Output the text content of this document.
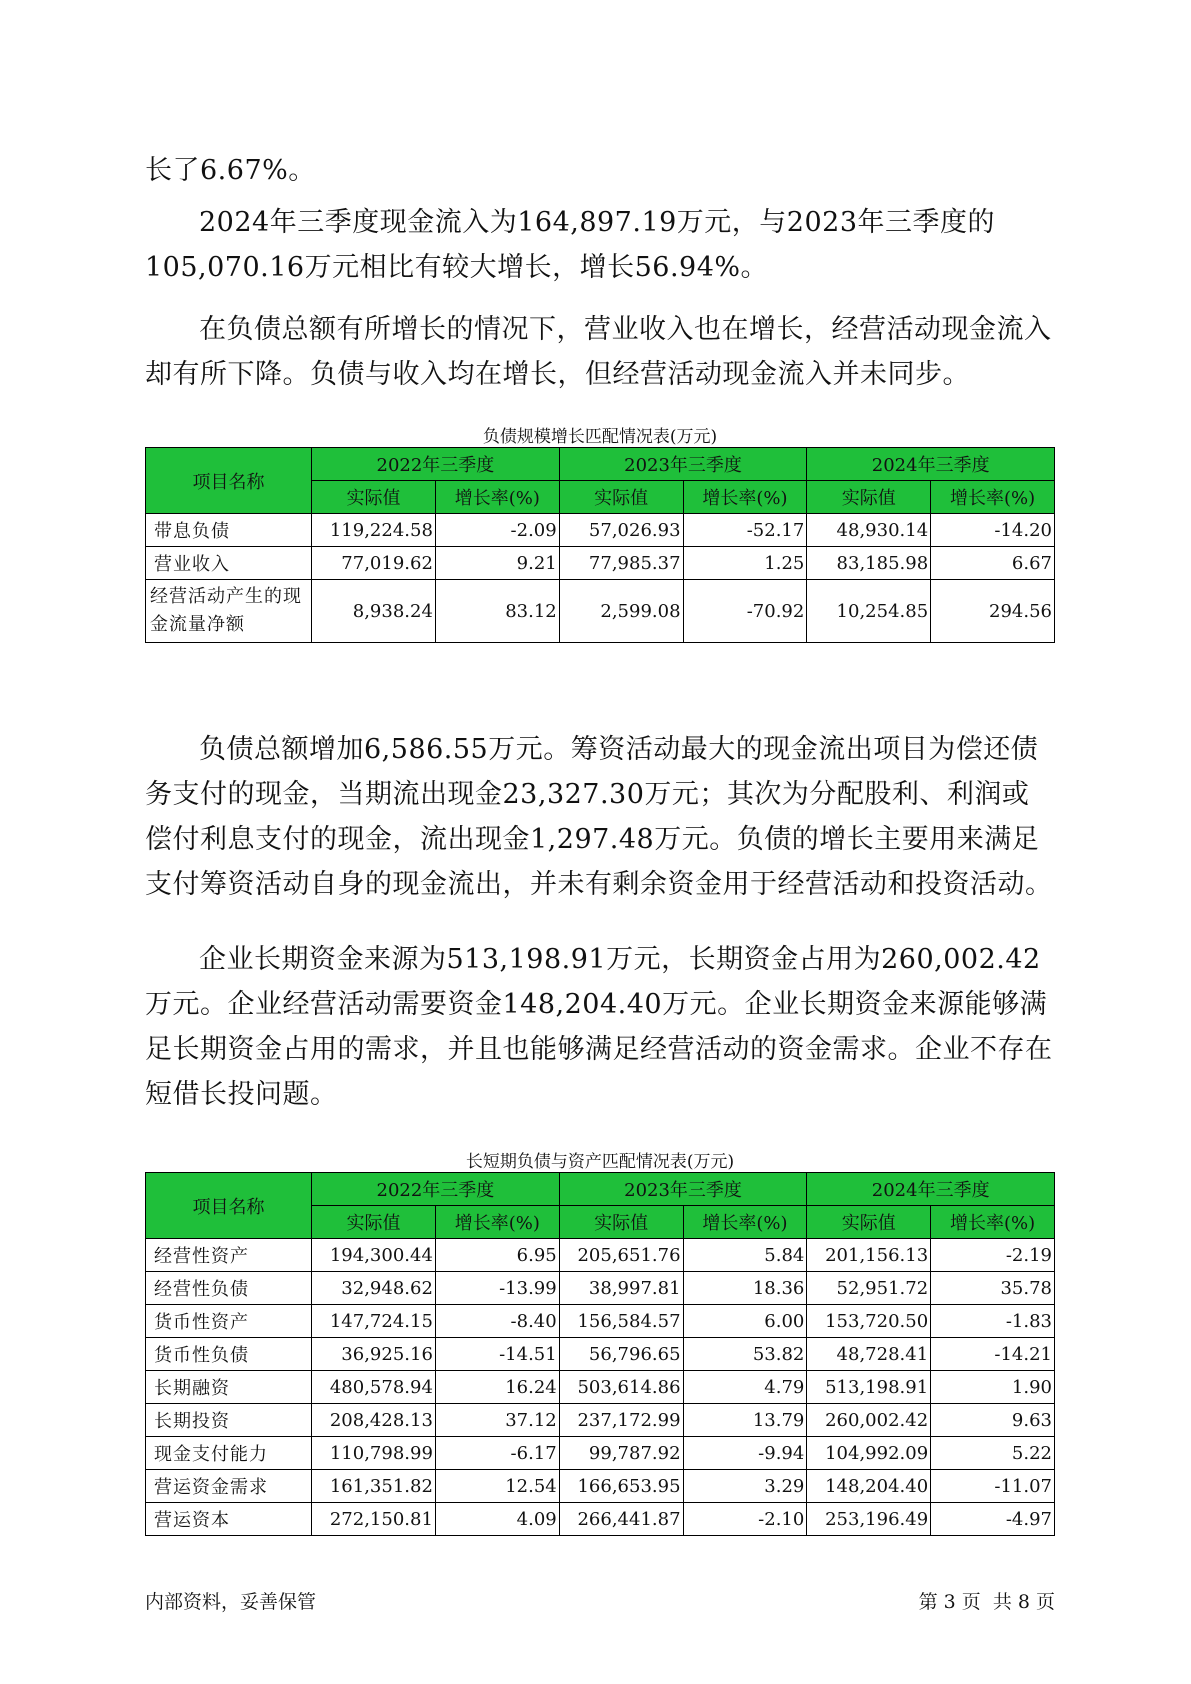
长了6.67%。

2024年三季度现金流入为164,897.19万元，与2023年三季度的105,070.16万元相比有较大增长，增长56.94%。

在负债总额有所增长的情况下，营业收入也在增长，经营活动现金流入却有所下降。负债与收入均在增长，但经营活动现金流入并未同步。

负债规模增长匹配情况表(万元)
项目名称	2022年三季度		2023年三季度		2024年三季度	
	实际值	增长率(%)	实际值	增长率(%)	实际值	增长率(%)
带息负债	119,224.58	-2.09	57,026.93	-52.17	48,930.14	-14.20
营业收入	77,019.62	9.21	77,985.37	1.25	83,185.98	6.67
经营活动产生的现金流量净额	8,938.24	83.12	2,599.08	-70.92	10,254.85	294.56

负债总额增加6,586.55万元。筹资活动最大的现金流出项目为偿还债务支付的现金，当期流出现金23,327.30万元；其次为分配股利、利润或偿付利息支付的现金，流出现金1,297.48万元。负债的增长主要用来满足支付筹资活动自身的现金流出，并未有剩余资金用于经营活动和投资活动。

企业长期资金来源为513,198.91万元，长期资金占用为260,002.42万元。企业经营活动需要资金148,204.40万元。企业长期资金来源能够满足长期资金占用的需求，并且也能够满足经营活动的资金需求。企业不存在短借长投问题。

长短期负债与资产匹配情况表(万元)
项目名称	2022年三季度		2023年三季度		2024年三季度	
	实际值	增长率(%)	实际值	增长率(%)	实际值	增长率(%)
经营性资产	194,300.44	6.95	205,651.76	5.84	201,156.13	-2.19
经营性负债	32,948.62	-13.99	38,997.81	18.36	52,951.72	35.78
货币性资产	147,724.15	-8.40	156,584.57	6.00	153,720.50	-1.83
货币性负债	36,925.16	-14.51	56,796.65	53.82	48,728.41	-14.21
长期融资	480,578.94	16.24	503,614.86	4.79	513,198.91	1.90
长期投资	208,428.13	37.12	237,172.99	13.79	260,002.42	9.63
现金支付能力	110,798.99	-6.17	99,787.92	-9.94	104,992.09	5.22
营运资金需求	161,351.82	12.54	166,653.95	3.29	148,204.40	-11.07
营运资本	272,150.81	4.09	266,441.87	-2.10	253,196.49	-4.97
内部资料，妥善保管	第 3 页  共 8 页
